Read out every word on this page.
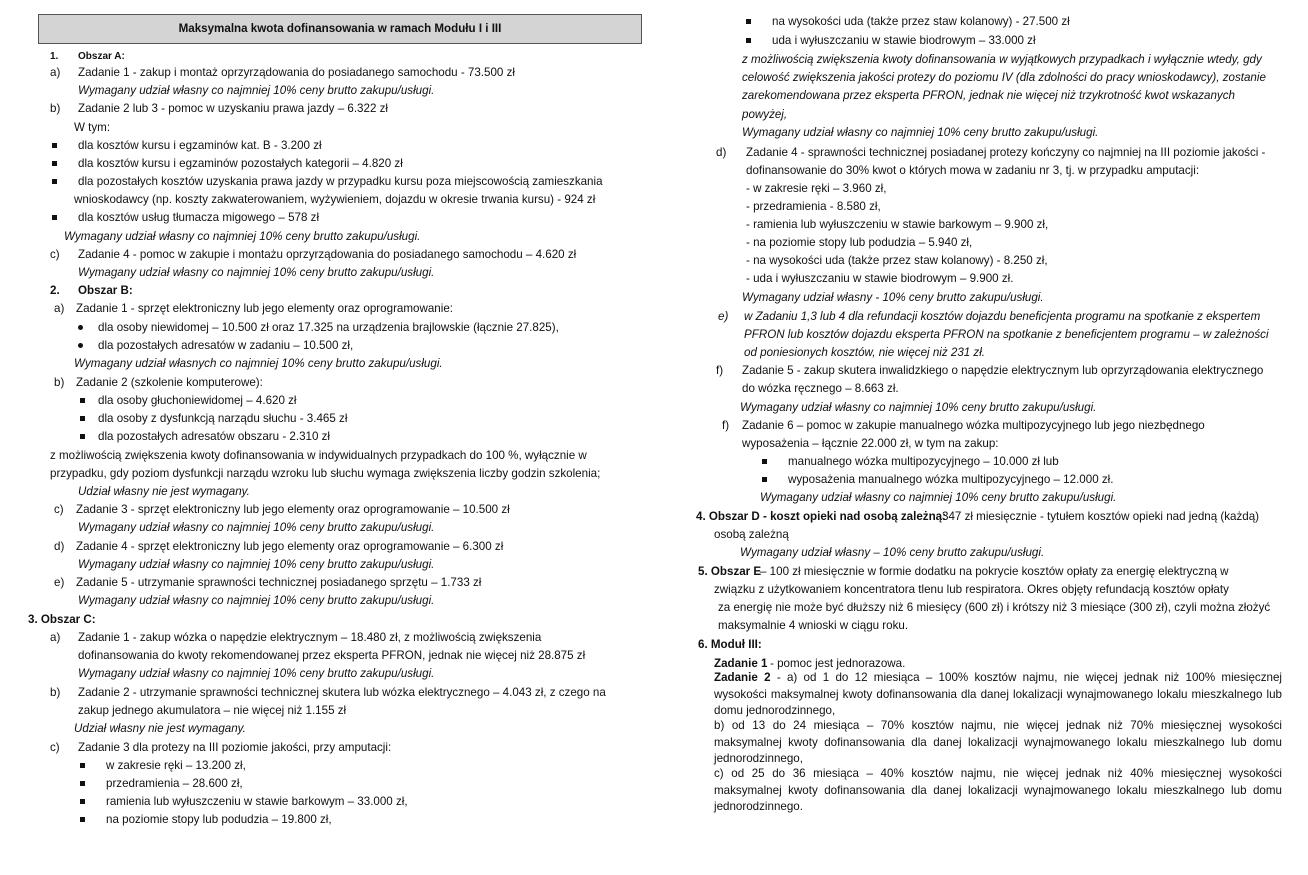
Maksymalna kwota dofinansowania w ramach Modułu I i III
1. Obszar A:
a) Zadanie 1 - zakup i montaż oprzyrządowania do posiadanego samochodu - 73.500 zł
Wymagany udział własny co najmniej 10% ceny brutto zakupu/usługi.
b) Zadanie 2 lub 3 - pomoc w uzyskaniu prawa jazdy – 6.322 zł
W tym:
dla kosztów kursu i egzaminów kat. B - 3.200 zł
dla kosztów kursu i egzaminów pozostałych kategorii – 4.820 zł
dla pozostałych kosztów uzyskania prawa jazdy w przypadku kursu poza miejscowością zamieszkania
wnioskodawcy (np. koszty zakwaterowaniem, wyżywieniem, dojazdu w okresie trwania kursu) - 924 zł
dla kosztów usług tłumacza migowego – 578 zł
Wymagany udział własny co najmniej 10% ceny brutto zakupu/usługi.
c) Zadanie 4 - pomoc w zakupie i montażu oprzyrządowania do posiadanego samochodu – 4.620 zł
Wymagany udział własny co najmniej 10% ceny brutto zakupu/usługi.
2. Obszar B:
a) Zadanie 1 - sprzęt elektroniczny lub jego elementy oraz oprogramowanie:
dla osoby niewidomej – 10.500 zł oraz 17.325 na urządzenia brajlowskie (łącznie 27.825),
dla pozostałych adresatów w zadaniu – 10.500 zł,
Wymagany udział własnych co najmniej 10% ceny brutto zakupu/usługi.
b) Zadanie 2 (szkolenie komputerowe):
dla osoby głuchoniewidomej – 4.620 zł
dla osoby z dysfunkcją narządu słuchu - 3.465 zł
dla pozostałych adresatów obszaru - 2.310 zł
z możliwością zwiększenia kwoty dofinansowania w indywidualnych przypadkach do 100 %, wyłącznie w
przypadku, gdy poziom dysfunkcji narządu wzroku lub słuchu wymaga zwiększenia liczby godzin szkolenia;
Udział własny nie jest wymagany.
c) Zadanie 3 - sprzęt elektroniczny lub jego elementy oraz oprogramowanie – 10.500 zł
Wymagany udział własny co najmniej 10% ceny brutto zakupu/usługi.
d) Zadanie 4 - sprzęt elektroniczny lub jego elementy oraz oprogramowanie – 6.300 zł
Wymagany udział własny co najmniej 10% ceny brutto zakupu/usługi.
e) Zadanie 5 - utrzymanie sprawności technicznej posiadanego sprzętu – 1.733 zł
Wymagany udział własny co najmniej 10% ceny brutto zakupu/usługi.
3. Obszar C:
a) Zadanie 1 - zakup wózka o napędzie elektrycznym – 18.480 zł, z możliwością zwiększenia
dofinansowania do kwoty rekomendowanej przez eksperta PFRON, jednak nie więcej niż 28.875 zł
Wymagany udział własny co najmniej 10% ceny brutto zakupu/usługi.
b) Zadanie 2 - utrzymanie sprawności technicznej skutera lub wózka elektrycznego – 4.043 zł, z czego na
zakup jednego akumulatora – nie więcej niż 1.155 zł
Udział własny nie jest wymagany.
c) Zadanie 3 dla protezy na III poziomie jakości, przy amputacji:
w zakresie ręki – 13.200 zł,
przedramienia – 28.600 zł,
ramienia lub wyłuszczeniu w stawie barkowym – 33.000 zł,
na poziomie stopy lub podudzia – 19.800 zł,
na wysokości uda (także przez staw kolanowy) - 27.500 zł
uda i wyłuszczaniu w stawie biodrowym – 33.000 zł
z możliwością zwiększenia kwoty dofinansowania w wyjątkowych przypadkach i wyłącznie wtedy, gdy
celowość zwiększenia jakości protezy do poziomu IV (dla zdolności do pracy wnioskodawcy), zostanie
zarekomendowana przez eksperta PFRON, jednak nie więcej niż trzykrotność kwot wskazanych
powyżej,
Wymagany udział własny co najmniej 10% ceny brutto zakupu/usługi.
d) Zadanie 4 - sprawności technicznej posiadanej protezy kończyny co najmniej na III poziomie jakości -
dofinansowanie do 30% kwot o których mowa w zadaniu nr 3, tj. w przypadku amputacji:
- w zakresie ręki – 3.960 zł,
- przedramienia - 8.580 zł,
- ramienia lub wyłuszczeniu w stawie barkowym – 9.900 zł,
- na poziomie stopy lub podudzia – 5.940 zł,
- na wysokości uda (także przez staw kolanowy) - 8.250 zł,
- uda i wyłuszczaniu w stawie biodrowym – 9.900 zł.
Wymagany udział własny - 10% ceny brutto zakupu/usługi.
e) w Zadaniu 1,3 lub 4 dla refundacji kosztów dojazdu beneficjenta programu na spotkanie z ekspertem
PFRON lub kosztów dojazdu eksperta PFRON na spotkanie z beneficjentem programu – w zależności
od poniesionych kosztów, nie więcej niż 231 zł.
f) Zadanie 5 - zakup skutera inwalidzkiego o napędzie elektrycznym lub oprzyrządowania elektrycznego
do wózka ręcznego – 8.663 zł.
Wymagany udział własny co najmniej 10% ceny brutto zakupu/usługi.
f) Zadanie 6 – pomoc w zakupie manualnego wózka multipozycyjnego lub jego niezbędnego
wyposażenia – łącznie 22.000 zł, w tym na zakup:
manualnego wózka multipozycyjnego – 10.000 zł lub
wyposażenia manualnego wózka multipozycyjnego – 12.000 zł.
Wymagany udział własny co najmniej 10% ceny brutto zakupu/usługi.
4. Obszar D - koszt opieki nad osobą zależną:
347 zł miesięcznie - tytułem kosztów opieki nad jedną (każdą)
osobą zależną
Wymagany udział własny – 10% ceny brutto zakupu/usługi.
5. Obszar E
– 100 zł miesięcznie w formie dodatku na pokrycie kosztów opłaty za energię elektryczną w
związku z użytkowaniem koncentratora tlenu lub respiratora. Okres objęty refundacją kosztów opłaty
za energię nie może być dłuższy niż 6 miesięcy (600 zł) i krótszy niż 3 miesiące (300 zł), czyli można złożyć
maksymalnie 4 wnioski w ciągu roku.
6. Moduł III:
Zadanie 1 - pomoc jest jednorazowa.
Zadanie 2 - a) od 1 do 12 miesiąca – 100% kosztów najmu, nie więcej jednak niż 100% miesięcznej wysokości maksymalnej kwoty dofinansowania dla danej lokalizacji wynajmowanego lokalu mieszkalnego lub domu jednorodzinnego,
b) od 13 do 24 miesiąca – 70% kosztów najmu, nie więcej jednak niż 70% miesięcznej wysokości maksymalnej kwoty dofinansowania dla danej lokalizacji wynajmowanego lokalu mieszkalnego lub domu jednorodzinnego,
c) od 25 do 36 miesiąca – 40% kosztów najmu, nie więcej jednak niż 40% miesięcznej wysokości maksymalnej kwoty dofinansowania dla danej lokalizacji wynajmowanego lokalu mieszkalnego lub domu jednorodzinnego.
